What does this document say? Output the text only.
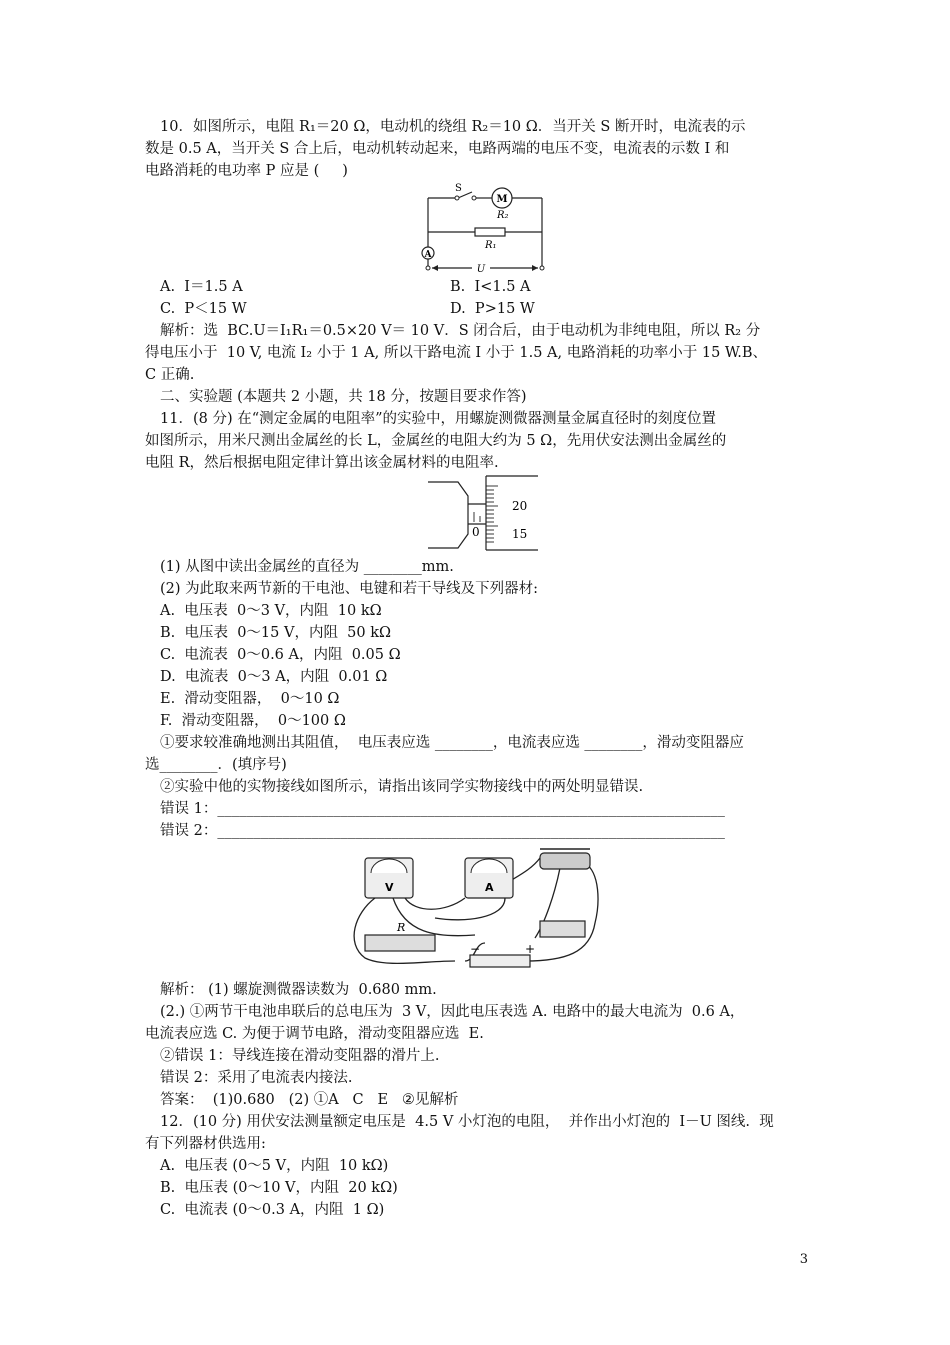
10．如图所示，电阻 R₁＝20 Ω，电动机的绕组 R₂＝10 Ω．当开关 S 断开时，电流表的示
数是 0.5 A，当开关 S 合上后，电动机转动起来，电路两端的电压不变，电流表的示数 I 和
电路消耗的电功率 P 应是 (     )
S
M
R₂
R₁
A
U
A.  I＝1.5 A	B.  I<1.5 A
C.  P＜15 W	D.  P>15 W
解析：选  BC.U＝I₁R₁＝0.5×20 V＝ 10 V．S 闭合后，由于电动机为非纯电阻，所以 R₂ 分
得电压小于  10 V, 电流 I₂ 小于 1 A, 所以干路电流 I 小于 1.5 A, 电路消耗的功率小于 15 W.B、
C 正确.
二、实验题 (本题共 2 小题，共 18 分，按题目要求作答)
11．(8 分) 在“测定金属的电阻率”的实验中，用螺旋测微器测量金属直径时的刻度位置
如图所示，用米尺测出金属丝的长 L，金属丝的电阻大约为 5 Ω，先用伏安法测出金属丝的
电阻 R，然后根据电阻定律计算出该金属材料的电阻率.
20
15
0
(1) 从图中读出金属丝的直径为 ________mm.
(2) 为此取来两节新的干电池、电键和若干导线及下列器材:
A.  电压表  0～3 V，内阻  10 kΩ
B.  电压表  0～15 V，内阻  50 kΩ
C.  电流表  0～0.6 A，内阻  0.05 Ω
D.  电流表  0～3 A，内阻  0.01 Ω
E.  滑动变阻器，  0～10 Ω
F.  滑动变阻器，  0～100 Ω
①要求较准确地测出其阻值，  电压表应选 ________，电流表应选 ________，滑动变阻器应
选________．(填序号)
②实验中他的实物接线如图所示，请指出该同学实物接线中的两处明显错误.
错误 1：______________________________________________________________________
错误 2：______________________________________________________________________
V	A
R
−	+
解析： (1) 螺旋测微器读数为  0.680 mm.
(2.) ①两节干电池串联后的总电压为  3 V，因此电压表选 A. 电路中的最大电流为  0.6 A，
电流表应选 C. 为便于调节电路，滑动变阻器应选  E.
②错误 1：导线连接在滑动变阻器的滑片上.
错误 2：采用了电流表内接法.
答案：  (1)0.680   (2) ①A   C   E   ②见解析
12．(10 分) 用伏安法测量额定电压是  4.5 V 小灯泡的电阻，  并作出小灯泡的  I－U 图线.  现
有下列器材供选用:
A.  电压表 (0～5 V，内阻  10 kΩ)
B.  电压表 (0～10 V，内阻  20 kΩ)
C.  电流表 (0～0.3 A，内阻  1 Ω)
3
